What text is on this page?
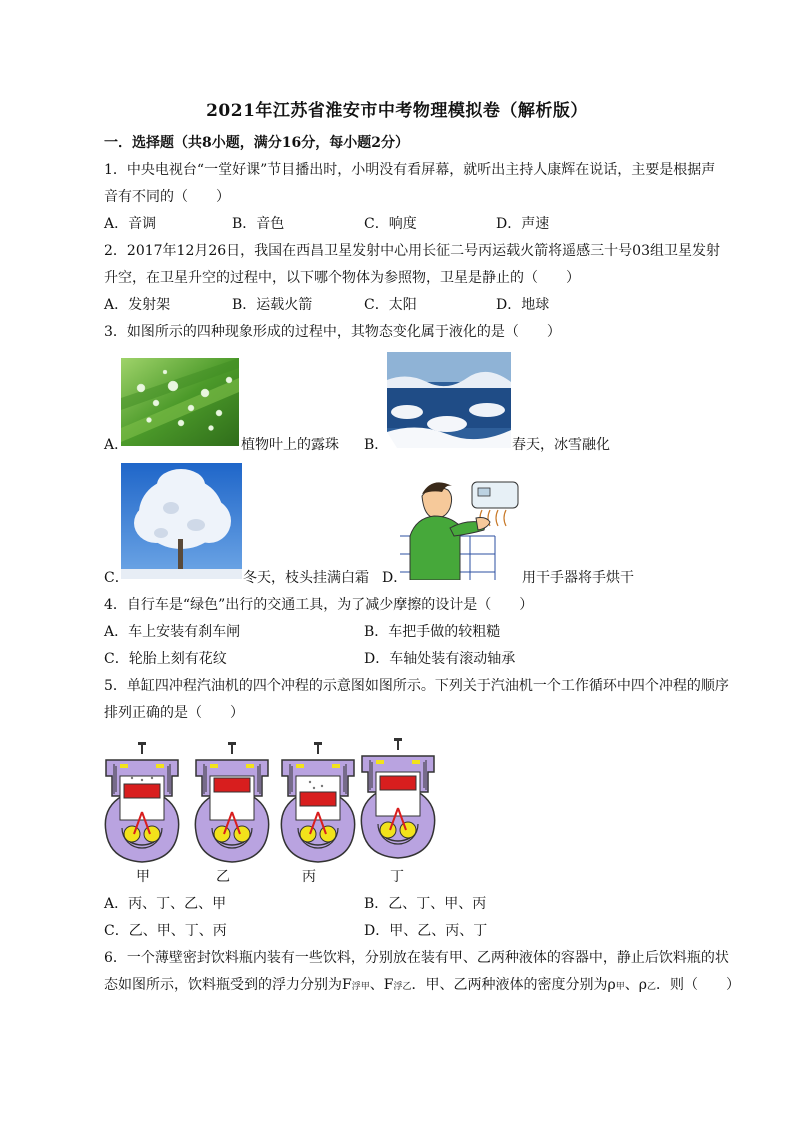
2021年江苏省淮安市中考物理模拟卷（解析版）
一．选择题（共8小题，满分16分，每小题2分）
1．中央电视台“一堂好课”节目播出时，小明没有看屏幕，就听出主持人康辉在说话，主要是根据声
音有不同的（　　）
A．音调	B．音色	C．响度	D．声速
2．2017年12月26日，我国在西昌卫星发射中心用长征二号丙运载火箭将遥感三十号03组卫星发射
升空，在卫星升空的过程中，以下哪个物体为参照物，卫星是静止的（　　）
A．发射架	B．运载火箭	C．太阳	D．地球
3．如图所示的四种现象形成的过程中，其物态变化属于液化的是（　　）
A．	植物叶上的露珠 B．	春天，冰雪融化
C．	冬天，枝头挂满白霜 D．	用干手器将手烘干
4．自行车是“绿色”出行的交通工具，为了减少摩擦的设计是（　　）
A．车上安装有刹车闸	B．车把手做的较粗糙
C．轮胎上刻有花纹	D．车轴处装有滚动轴承
5．单缸四冲程汽油机的四个冲程的示意图如图所示。下列关于汽油机一个工作循环中四个冲程的顺序
排列正确的是（　　）
甲	乙	丙	丁
A．丙、丁、乙、甲	B．乙、丁、甲、丙
C．乙、甲、丁、丙	D．甲、乙、丙、丁
6．一个薄壁密封饮料瓶内装有一些饮料，分别放在装有甲、乙两种液体的容器中，静止后饮料瓶的状
态如图所示，饮料瓶受到的浮力分别为F浮甲、F浮乙．甲、乙两种液体的密度分别为ρ甲、ρ乙．则（　　）
